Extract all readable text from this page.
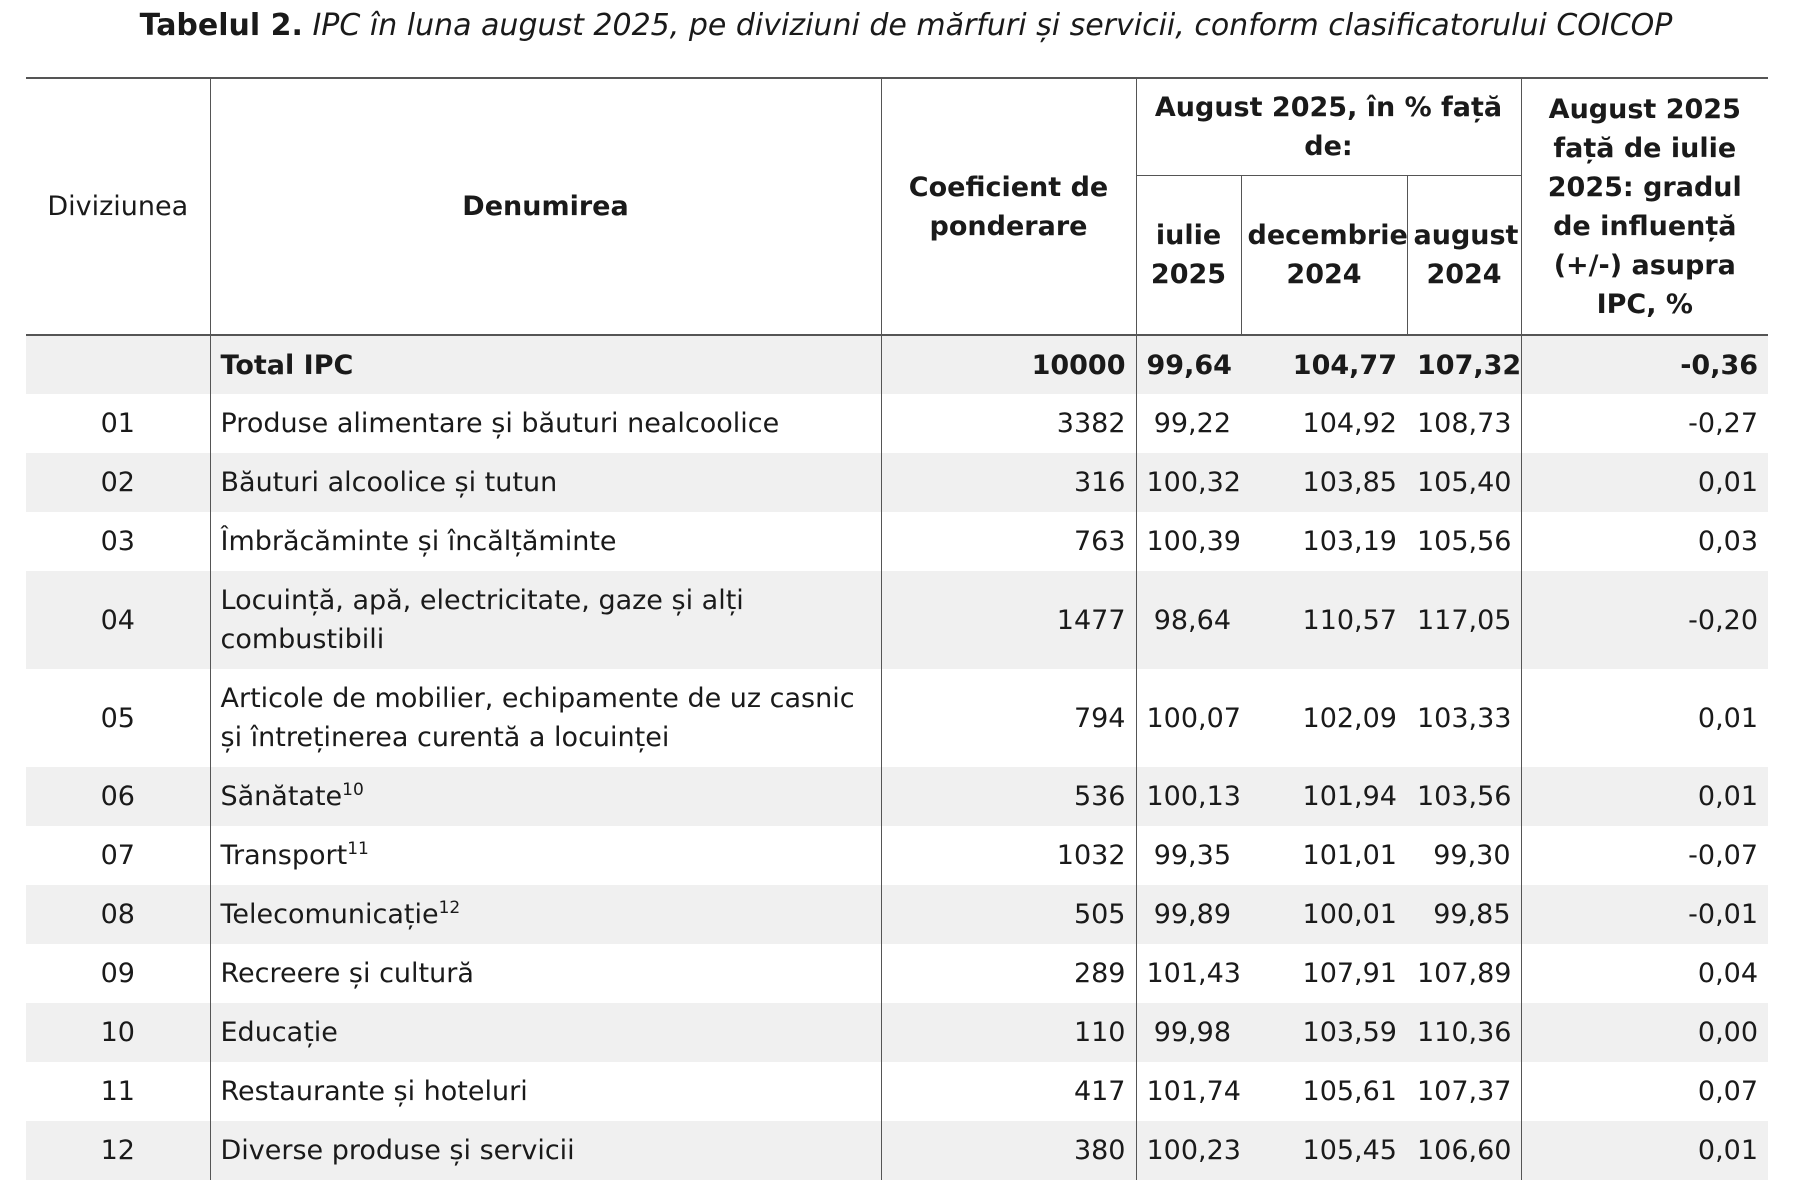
Tabelul 2. IPC în luna august 2025, pe diviziuni de mărfuri și servicii, conform clasificatorului COICOP
Diviziunea	Denumirea	Coeficient de ponderare	August 2025, în % față de:			August 2025 față de iulie 2025: gradul de influență (+/-) asupra IPC, %
			iulie 2025	decembrie 2024	august 2024	
	Total IPC	10000	99,64	104,77	107,32	-0,36
01	Produse alimentare și băuturi nealcoolice	3382	99,22	104,92	108,73	-0,27
02	Băuturi alcoolice și tutun	316	100,32	103,85	105,40	0,01
03	Îmbrăcăminte și încălțăminte	763	100,39	103,19	105,56	0,03
04	Locuință, apă, electricitate, gaze și alți combustibili	1477	98,64	110,57	117,05	-0,20
05	Articole de mobilier, echipamente de uz casnic și întreținerea curentă a locuinței	794	100,07	102,09	103,33	0,01
06	Sănătate$^{10}$	536	100,13	101,94	103,56	0,01
07	Transport$^{11}$	1032	99,35	101,01	99,30	-0,07
08	Telecomunicație$^{12}$	505	99,89	100,01	99,85	-0,01
09	Recreere și cultură	289	101,43	107,91	107,89	0,04
10	Educație	110	99,98	103,59	110,36	0,00
11	Restaurante și hoteluri	417	101,74	105,61	107,37	0,07
12	Diverse produse și servicii	380	100,23	105,45	106,60	0,01
